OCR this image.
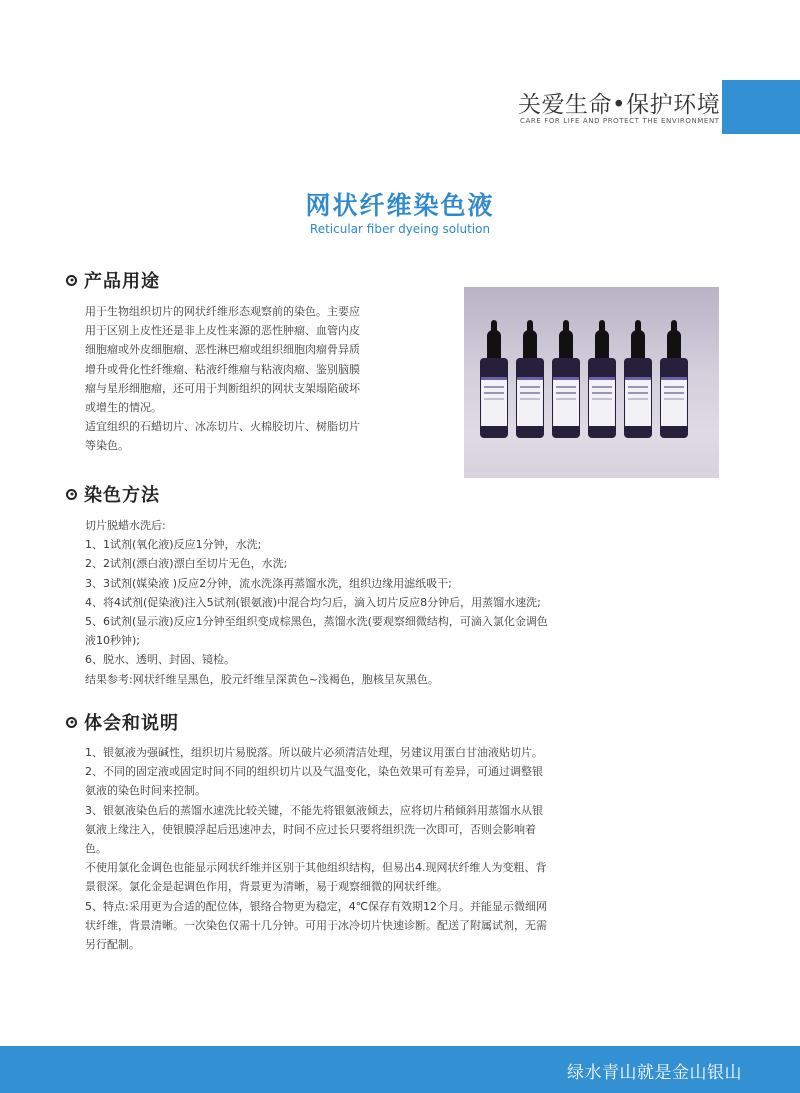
关爱生命•保护环境
CARE FOR LIFE AND PROTECT THE ENVIRONMENT
网状纤维染色液
Reticular fiber dyeing solution
产品用途

用于生物组织切片的网状纤维形态观察前的染色。主要应

用于区别上皮性还是非上皮性来源的恶性肿瘤、血管内皮

细胞瘤或外皮细胞瘤、恶性淋巴瘤或组织细胞肉瘤骨异质

增升或骨化性纤维瘤、粘液纤维瘤与粘液肉瘤、鉴别脑膜

瘤与星形细胞瘤，还可用于判断组织的网状支架塌陷破坏

或增生的情况。

适宜组织的石蜡切片、冰冻切片、火棉胶切片、树脂切片

等染色。

染色方法

切片脱蜡水洗后:

1、1试剂(氧化液)反应1分钟，水洗;

2、2试剂(漂白液)漂白至切片无色，水洗;

3、3试剂(媒染液 )反应2分钟，流水洗涤再蒸馏水洗，组织边缘用滤纸吸干;

4、将4试剂(促染液)注入5试剂(银氨液)中混合均匀后，滴入切片反应8分钟后，用蒸馏水速洗;

5、6试剂(显示液)反应1分钟至组织变成棕黑色，蒸馏水洗(要观察细微结构，可滴入氯化金调色

液10秒钟);

6、脱水、透明、封固、镜检。

结果参考:网状纤维呈黑色，胶元纤维呈深黄色~浅褐色，胞核呈灰黑色。

体会和说明

1、银氨液为强碱性，组织切片易脱落。所以破片必须清洁处理，另建议用蛋白甘油液贴切片。

2、不同的固定液或固定时间不同的组织切片以及气温变化，染色效果可有差异，可通过调整银

氨液的染色时间来控制。

3、银氨液染色后的蒸馏水速洗比较关键，不能先将银氨液倾去，应将切片稍倾斜用蒸馏水从银

氨液上缘注入，使银膜浮起后迅速冲去，时间不应过长只要将组织洗一次即可，否则会影响着

色。

不使用氯化金调色也能显示网状纤维并区别于其他组织结构，但易出4.现网状纤维人为变粗、背

景很深。氯化金是起调色作用，背景更为清晰，易于观察细微的网状纤维。

5、特点:采用更为合适的配位体，银络合物更为稳定，4℃保存有效期12个月。并能显示微细网

状纤维，背景清晰。一次染色仅需十几分钟。可用于冰冷切片快速诊断。配送了附属试剂，无需

另行配制。

绿水青山就是金山银山
